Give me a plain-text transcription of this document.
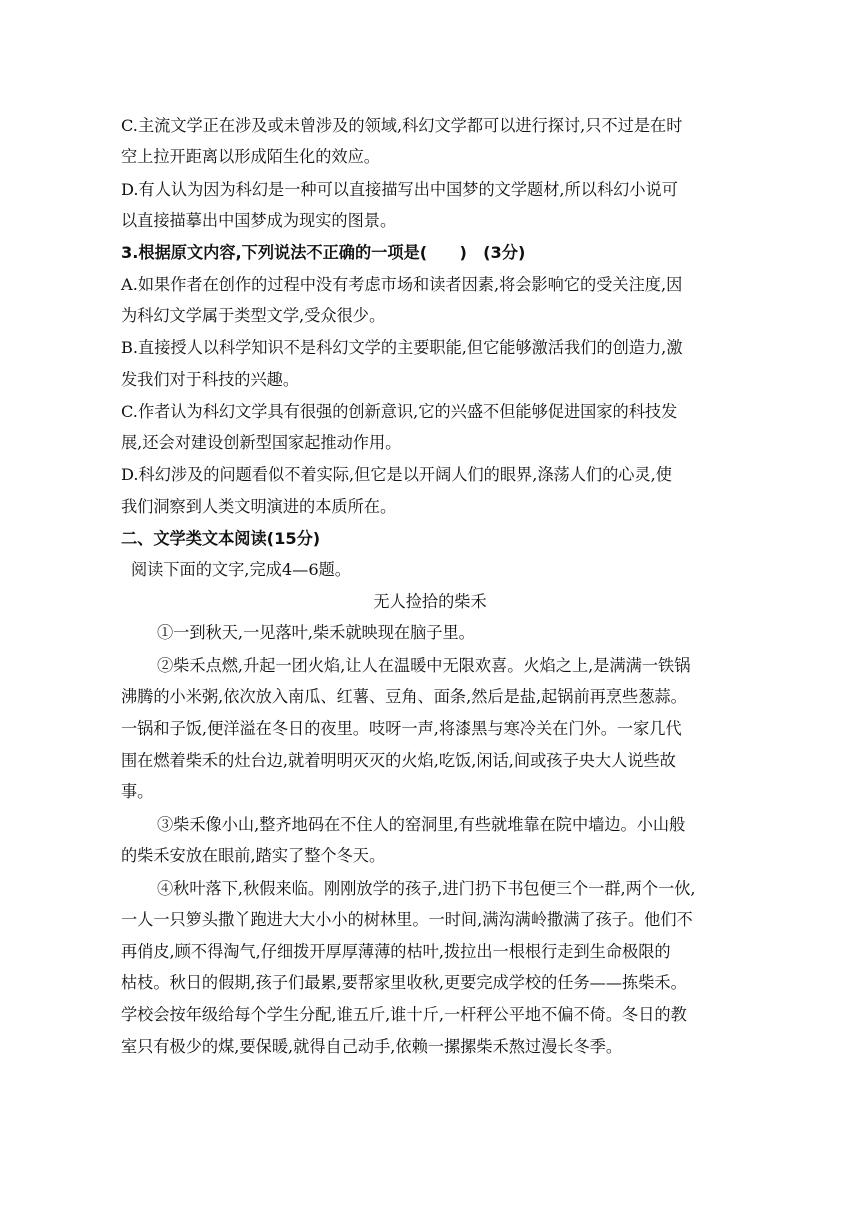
C.主流文学正在涉及或未曾涉及的领域,科幻文学都可以进行探讨,只不过是在时
空上拉开距离以形成陌生化的效应。
D.有人认为因为科幻是一种可以直接描写出中国梦的文学题材,所以科幻小说可
以直接描摹出中国梦成为现实的图景。
3.根据原文内容,下列说法不正确的一项是(　　)　(3分)
A.如果作者在创作的过程中没有考虑市场和读者因素,将会影响它的受关注度,因
为科幻文学属于类型文学,受众很少。
B.直接授人以科学知识不是科幻文学的主要职能,但它能够激活我们的创造力,激
发我们对于科技的兴趣。
C.作者认为科幻文学具有很强的创新意识,它的兴盛不但能够促进国家的科技发
展,还会对建设创新型国家起推动作用。
D.科幻涉及的问题看似不着实际,但它是以开阔人们的眼界,涤荡人们的心灵,使
我们洞察到人类文明演进的本质所在。
二、文学类文本阅读(15分)
阅读下面的文字,完成4—6题。
无人捡拾的柴禾
①一到秋天,一见落叶,柴禾就映现在脑子里。
②柴禾点燃,升起一团火焰,让人在温暖中无限欢喜。火焰之上,是满满一铁锅
沸腾的小米粥,依次放入南瓜、红薯、豆角、面条,然后是盐,起锅前再烹些葱蒜。
一锅和子饭,便洋溢在冬日的夜里。吱呀一声,将漆黑与寒冷关在门外。一家几代
围在燃着柴禾的灶台边,就着明明灭灭的火焰,吃饭,闲话,间或孩子央大人说些故
事。
③柴禾像小山,整齐地码在不住人的窑洞里,有些就堆靠在院中墙边。小山般
的柴禾安放在眼前,踏实了整个冬天。
④秋叶落下,秋假来临。刚刚放学的孩子,进门扔下书包便三个一群,两个一伙,
一人一只箩头撒丫跑进大大小小的树林里。一时间,满沟满岭撒满了孩子。他们不
再俏皮,顾不得淘气,仔细拨开厚厚薄薄的枯叶,拨拉出一根根行走到生命极限的
枯枝。秋日的假期,孩子们最累,要帮家里收秋,更要完成学校的任务——拣柴禾。
学校会按年级给每个学生分配,谁五斤,谁十斤,一杆秤公平地不偏不倚。冬日的教
室只有极少的煤,要保暖,就得自己动手,依赖一摞摞柴禾熬过漫长冬季。
